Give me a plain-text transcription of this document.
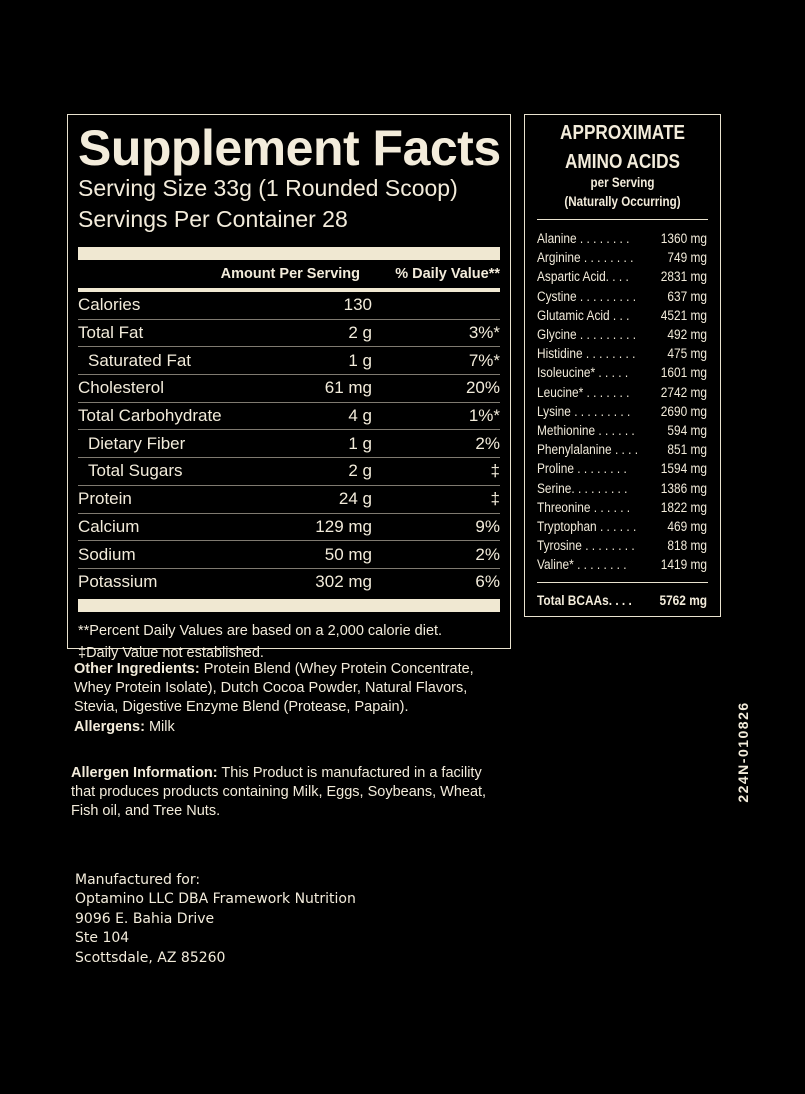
Supplement Facts
Serving Size 33g (1 Rounded Scoop)
Servings Per Container 28
Amount Per Serving	% Daily Value**
Calories	130
Total Fat	2 g	3%*
Saturated Fat	1 g	7%*
Cholesterol	61 mg	20%
Total Carbohydrate	4 g	1%*
Dietary Fiber	1 g	2%
Total Sugars	2 g	‡
Protein	24 g	‡
Calcium	129 mg	9%
Sodium	50 mg	2%
Potassium	302 mg	6%
**Percent Daily Values are based on a 2,000 calorie diet.
‡Daily Value not established.
APPROXIMATE
AMINO ACIDS
per Serving
(Naturally Occurring)
Alanine . . . . . . . .	1360 mg
Arginine . . . . . . . .	749 mg
Aspartic Acid. . . .	2831 mg
Cystine . . . . . . . . .	637 mg
Glutamic Acid . . .	4521 mg
Glycine . . . . . . . . .	492 mg
Histidine . . . . . . . .	475 mg
Isoleucine* . . . . .	1601 mg
Leucine* . . . . . . .	2742 mg
Lysine . . . . . . . . .	2690 mg
Methionine . . . . . .	594 mg
Phenylalanine . . . .	851 mg
Proline . . . . . . . .	1594 mg
Serine. . . . . . . . .	1386 mg
Threonine . . . . . .	1822 mg
Tryptophan . . . . . .	469 mg
Tyrosine . . . . . . . .	818 mg
Valine* . . . . . . . .	1419 mg
Total BCAAs. . . .	5762 mg
Other Ingredients: Protein Blend (Whey Protein Concentrate, Whey Protein Isolate), Dutch Cocoa Powder, Natural Flavors, Stevia, Digestive Enzyme Blend (Protease, Papain).
Allergens: Milk
Allergen Information: This Product is manufactured in a facility that produces products containing Milk, Eggs, Soybeans, Wheat, Fish oil, and Tree Nuts.
Manufactured for:
Optamino LLC DBA Framework Nutrition
9096 E. Bahia Drive
Ste 104
Scottsdale, AZ 85260
224N-010826
